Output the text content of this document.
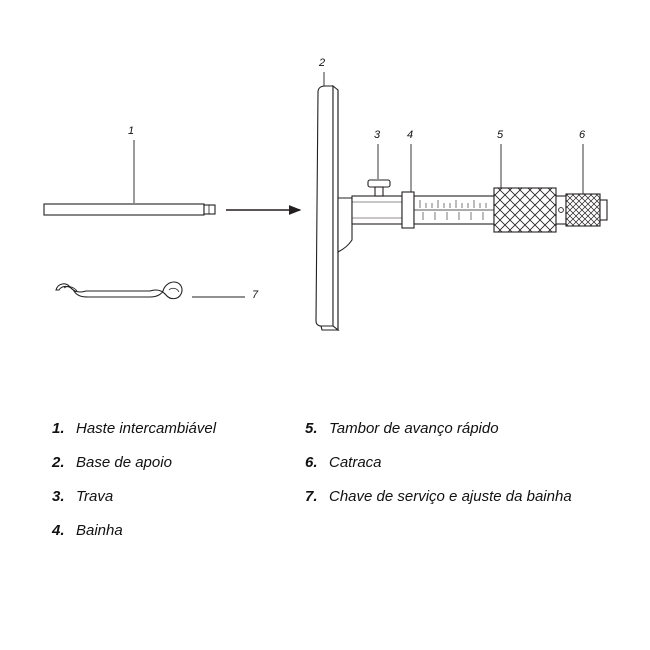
1
2
3 4	5	6
7
1. Haste intercambiável
2. Base de apoio
3. Trava
4. Bainha
5. Tambor de avanço rápido
6. Catraca
7. Chave de serviço e ajuste da bainha
